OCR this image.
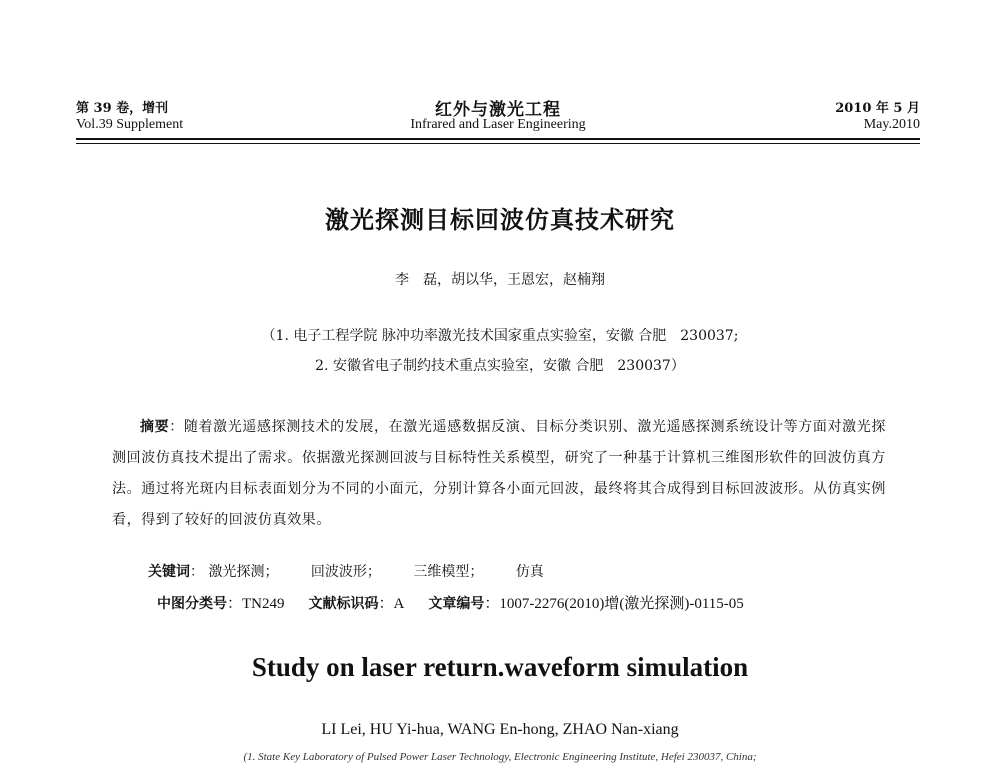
第 39 卷，增刊	红外与激光工程	2010 年 5 月
Vol.39 Supplement	Infrared and Laser Engineering	May.2010
激光探测目标回波仿真技术研究
李　磊，胡以华，王恩宏，赵楠翔
（1. 电子工程学院 脉冲功率激光技术国家重点实验室，安徽 合肥　230037;
2. 安徽省电子制约技术重点实验室，安徽 合肥　230037）

摘要：随着激光遥感探测技术的发展，在激光遥感数据反演、目标分类识别、激光遥感探测系统设计等方面对激光探测回波仿真技术提出了需求。依据激光探测回波与目标特性关系模型，研究了一种基于计算机三维图形软件的回波仿真方法。通过将光斑内目标表面划分为不同的小面元，分别计算各小面元回波，最终将其合成得到目标回波波形。从仿真实例看，得到了较好的回波仿真效果。

关键词： 激光探测； 回波波形； 三维模型； 仿真
中图分类号：TN249 文献标识码：A 文章编号：1007-2276(2010)增(激光探测)-0115-05
Study on laser return.waveform simulation
LI Lei, HU Yi-hua, WANG En-hong, ZHAO Nan-xiang
(1. State Key Laboratory of Pulsed Power Laser Technology, Electronic Engineering Institute, Hefei 230037, China;
